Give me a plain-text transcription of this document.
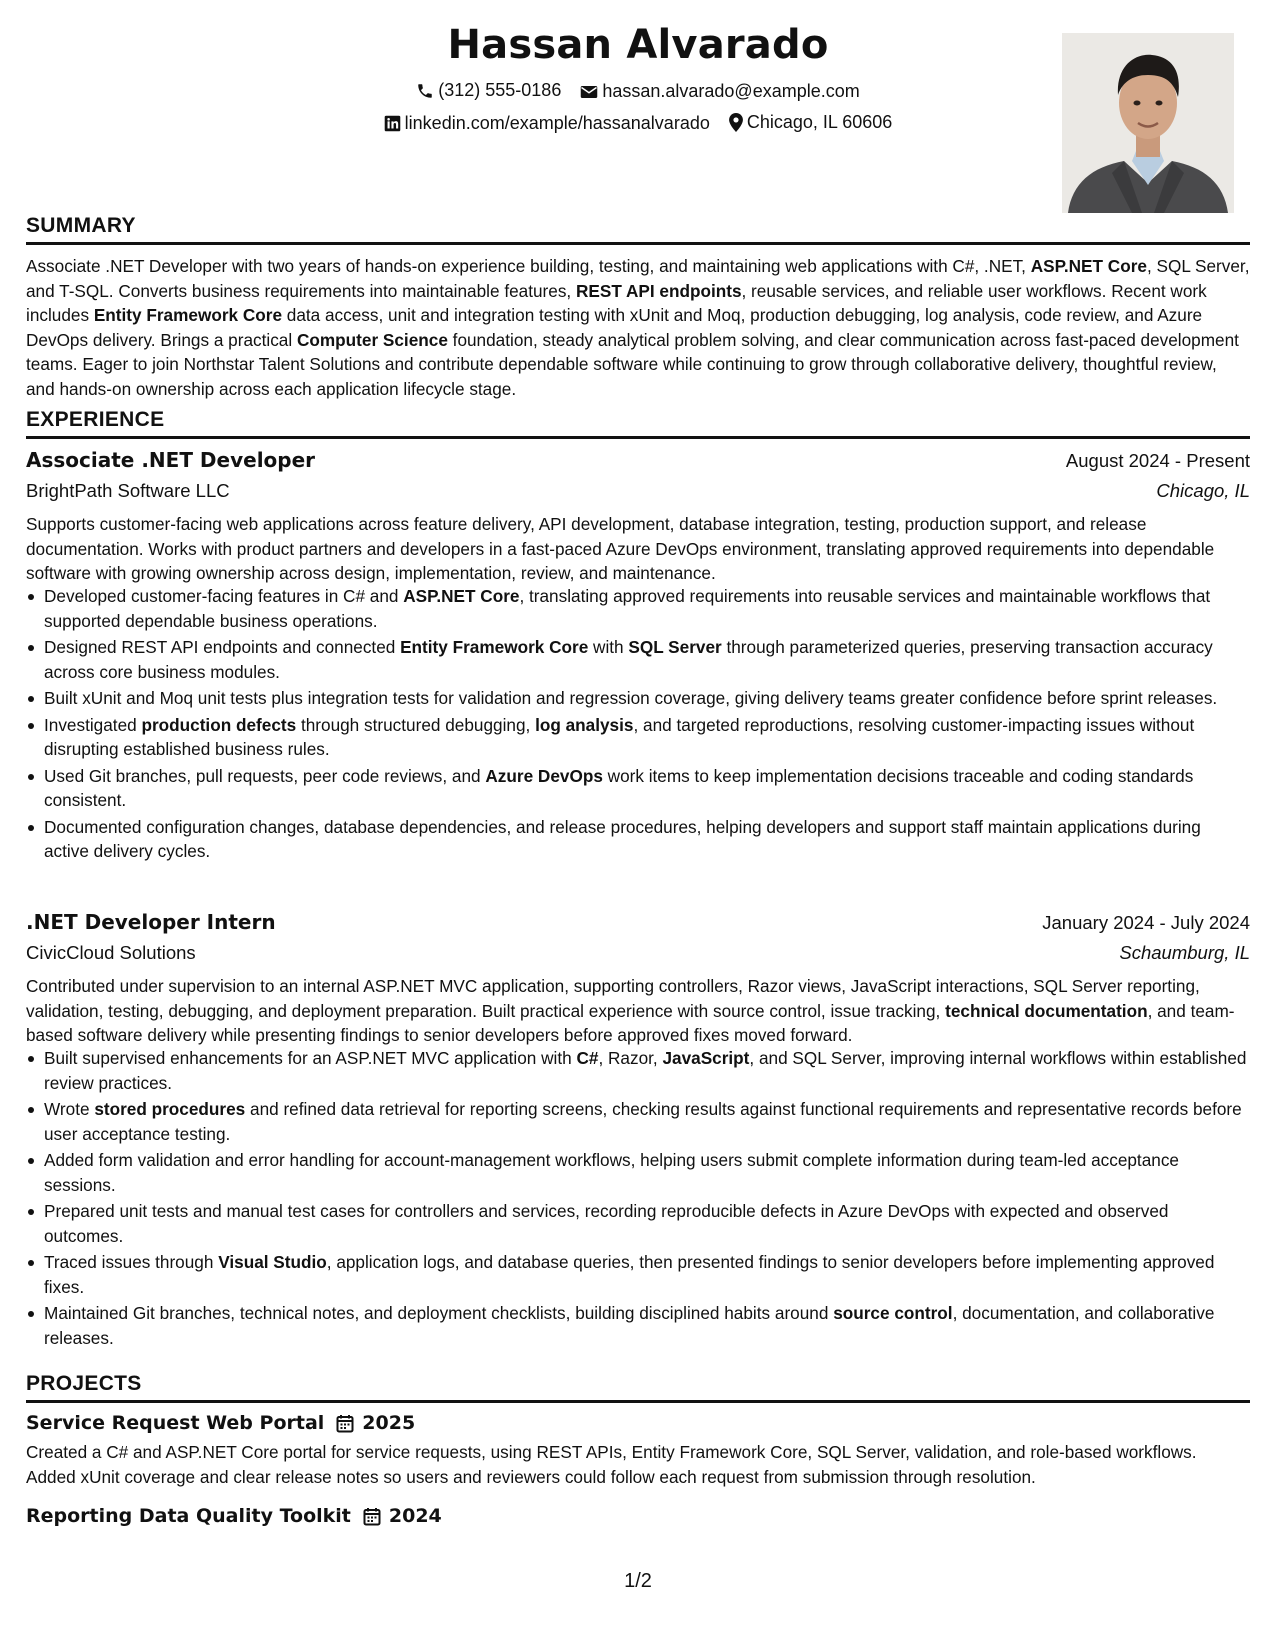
Hassan Alvarado
(312) 555-0186
hassan.alvarado@example.com
linkedin.com/example/hassanalvarado
Chicago, IL 60606
SUMMARY
Associate .NET Developer with two years of hands-on experience building, testing, and maintaining web applications with C#, .NET, ASP.NET Core, SQL Server, and T-SQL. Converts business requirements into maintainable features, REST API endpoints, reusable services, and reliable user workflows. Recent work includes Entity Framework Core data access, unit and integration testing with xUnit and Moq, production debugging, log analysis, code review, and Azure DevOps delivery. Brings a practical Computer Science foundation, steady analytical problem solving, and clear communication across fast-paced development teams. Eager to join Northstar Talent Solutions and contribute dependable software while continuing to grow through collaborative delivery, thoughtful review, and hands-on ownership across each application lifecycle stage.
EXPERIENCE
Associate .NET Developer	August 2024 - Present
BrightPath Software LLC	Chicago, IL
Supports customer-facing web applications across feature delivery, API development, database integration, testing, production support, and release documentation. Works with product partners and developers in a fast-paced Azure DevOps environment, translating approved requirements into dependable software with growing ownership across design, implementation, review, and maintenance.
Developed customer-facing features in C# and ASP.NET Core, translating approved requirements into reusable services and maintainable workflows that supported dependable business operations.
Designed REST API endpoints and connected Entity Framework Core with SQL Server through parameterized queries, preserving transaction accuracy across core business modules.
Built xUnit and Moq unit tests plus integration tests for validation and regression coverage, giving delivery teams greater confidence before sprint releases.
Investigated production defects through structured debugging, log analysis, and targeted reproductions, resolving customer-impacting issues without disrupting established business rules.
Used Git branches, pull requests, peer code reviews, and Azure DevOps work items to keep implementation decisions traceable and coding standards consistent.
Documented configuration changes, database dependencies, and release procedures, helping developers and support staff maintain applications during active delivery cycles.
.NET Developer Intern	January 2024 - July 2024
CivicCloud Solutions	Schaumburg, IL
Contributed under supervision to an internal ASP.NET MVC application, supporting controllers, Razor views, JavaScript interactions, SQL Server reporting, validation, testing, debugging, and deployment preparation. Built practical experience with source control, issue tracking, technical documentation, and team-based software delivery while presenting findings to senior developers before approved fixes moved forward.
Built supervised enhancements for an ASP.NET MVC application with C#, Razor, JavaScript, and SQL Server, improving internal workflows within established review practices.
Wrote stored procedures and refined data retrieval for reporting screens, checking results against functional requirements and representative records before user acceptance testing.
Added form validation and error handling for account-management workflows, helping users submit complete information during team-led acceptance sessions.
Prepared unit tests and manual test cases for controllers and services, recording reproducible defects in Azure DevOps with expected and observed outcomes.
Traced issues through Visual Studio, application logs, and database queries, then presented findings to senior developers before implementing approved fixes.
Maintained Git branches, technical notes, and deployment checklists, building disciplined habits around source control, documentation, and collaborative releases.
PROJECTS
Service Request Web Portal 2025
Created a C# and ASP.NET Core portal for service requests, using REST APIs, Entity Framework Core, SQL Server, validation, and role-based workflows. Added xUnit coverage and clear release notes so users and reviewers could follow each request from submission through resolution.
Reporting Data Quality Toolkit 2024
1/2
